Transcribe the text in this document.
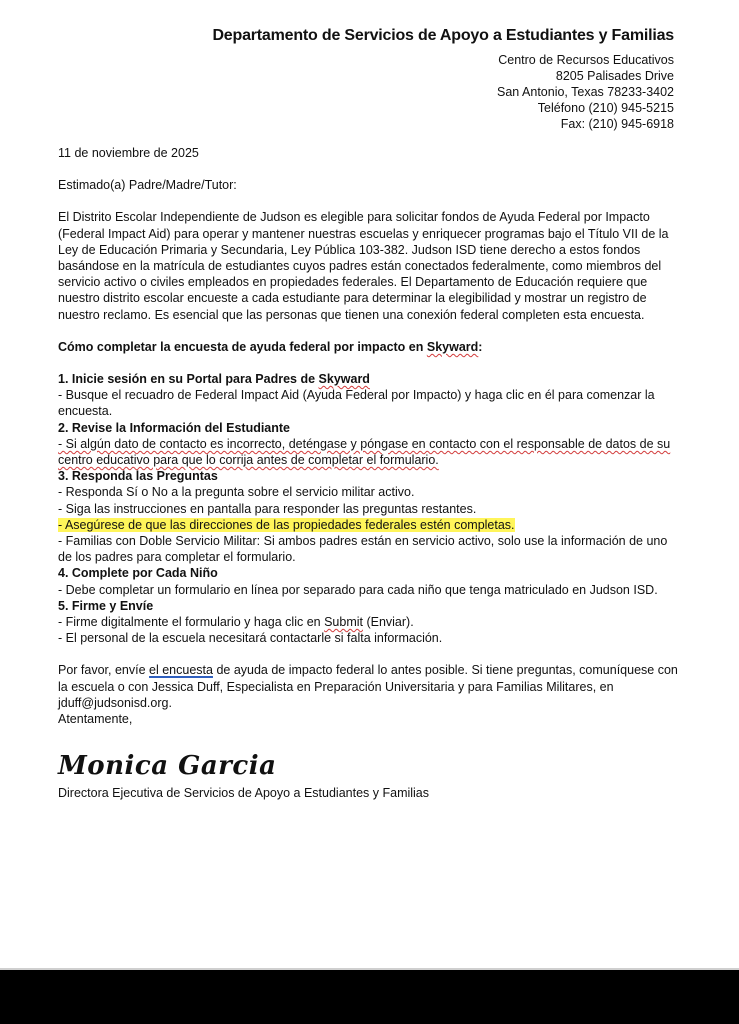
Departamento de Servicios de Apoyo a Estudiantes y Familias
Centro de Recursos Educativos
8205 Palisades Drive
San Antonio, Texas 78233-3402
Teléfono (210) 945-5215
Fax: (210) 945-6918

11 de noviembre de 2025

Estimado(a) Padre/Madre/Tutor:

El Distrito Escolar Independiente de Judson es elegible para solicitar fondos de Ayuda Federal por Impacto (Federal Impact Aid) para operar y mantener nuestras escuelas y enriquecer programas bajo el Título VII de la Ley de Educación Primaria y Secundaria, Ley Pública 103-382. Judson ISD tiene derecho a estos fondos basándose en la matrícula de estudiantes cuyos padres están conectados federalmente, como miembros del servicio activo o civiles empleados en propiedades federales. El Departamento de Educación requiere que nuestro distrito escolar encueste a cada estudiante para determinar la elegibilidad y mostrar un registro de nuestro reclamo. Es esencial que las personas que tienen una conexión federal completen esta encuesta.

Cómo completar la encuesta de ayuda federal por impacto en Skyward:

1. Inicie sesión en su Portal para Padres de Skyward
- Busque el recuadro de Federal Impact Aid (Ayuda Federal por Impacto) y haga clic en él para comenzar la encuesta.
2. Revise la Información del Estudiante
- Si algún dato de contacto es incorrecto, deténgase y póngase en contacto con el responsable de datos de su centro educativo para que lo corrija antes de completar el formulario.
3. Responda las Preguntas
- Responda Sí o No a la pregunta sobre el servicio militar activo.
- Siga las instrucciones en pantalla para responder las preguntas restantes.
- Asegúrese de que las direcciones de las propiedades federales estén completas.
- Familias con Doble Servicio Militar: Si ambos padres están en servicio activo, solo use la información de uno de los padres para completar el formulario.
4. Complete por Cada Niño
- Debe completar un formulario en línea por separado para cada niño que tenga matriculado en Judson ISD.
5. Firme y Envíe
- Firme digitalmente el formulario y haga clic en Submit (Enviar).
- El personal de la escuela necesitará contactarle si falta información.

Por favor, envíe el encuesta de ayuda de impacto federal lo antes posible. Si tiene preguntas, comuníquese con la escuela o con Jessica Duff, Especialista en Preparación Universitaria y para Familias Militares, en jduff@judsonisd.org.

Atentamente,

Monica Garcia

Directora Ejecutiva de Servicios de Apoyo a Estudiantes y Familias
